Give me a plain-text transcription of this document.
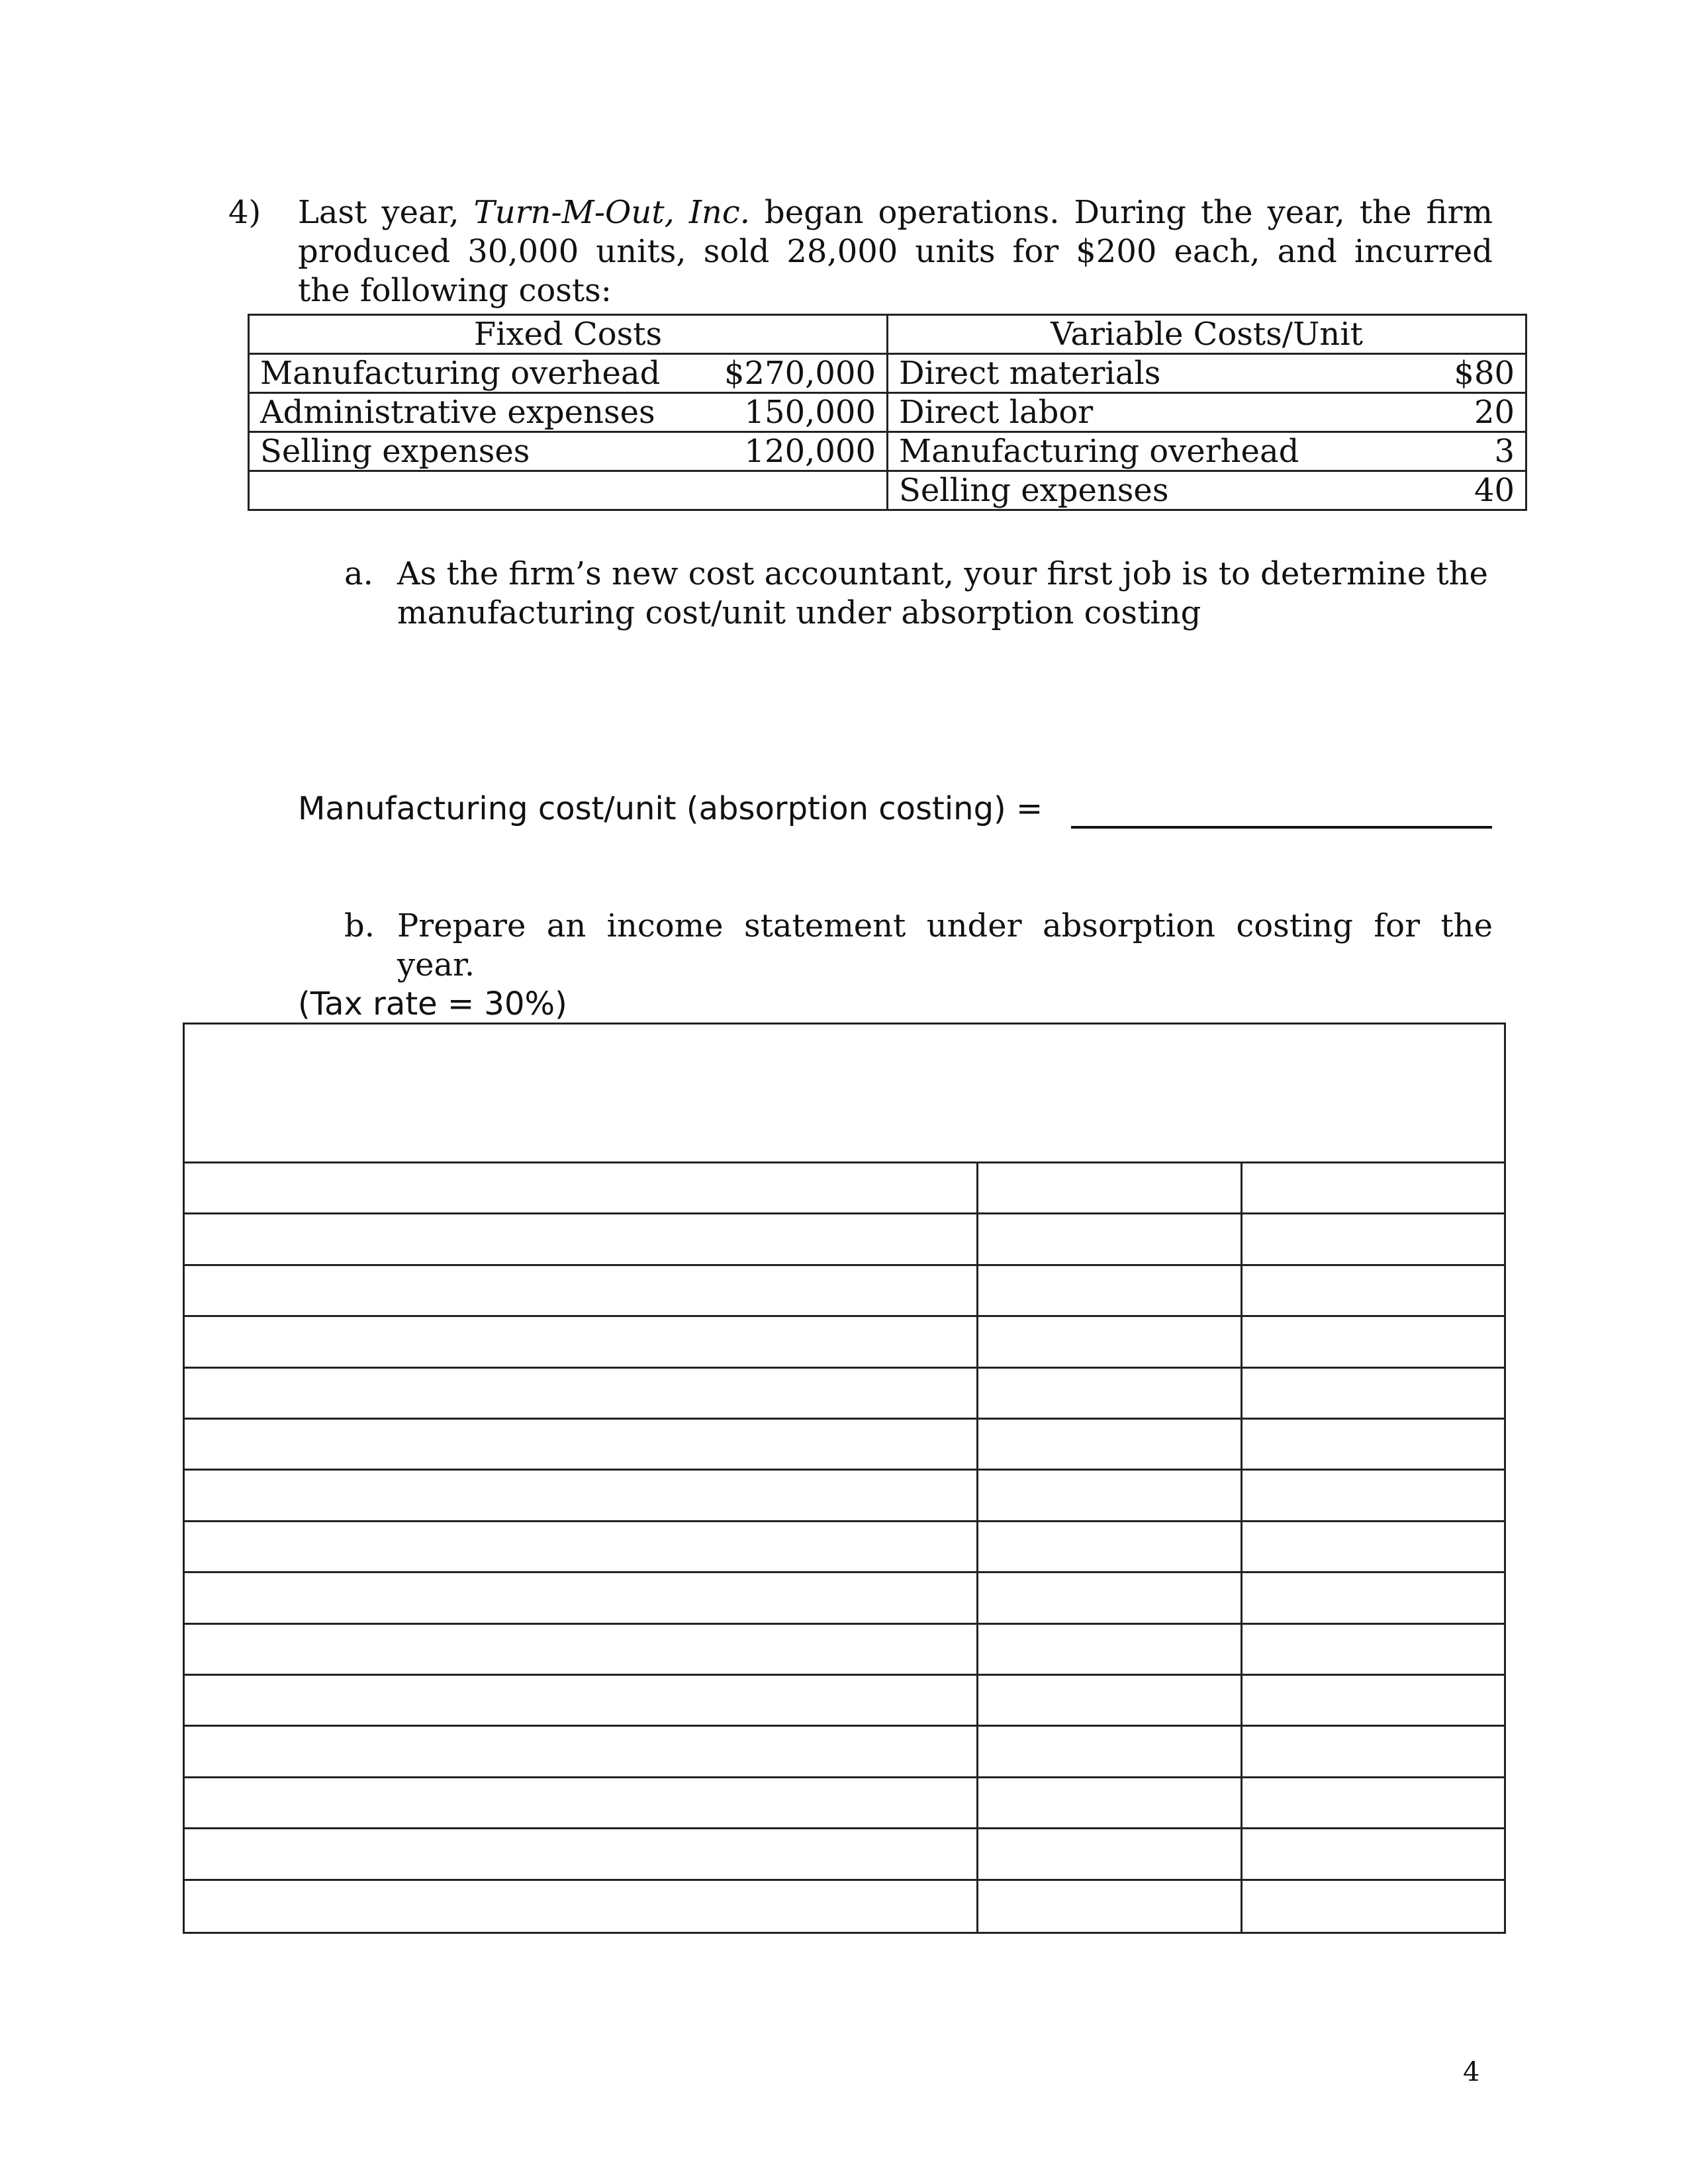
4) Last year, Turn-M-Out, Inc. began operations. During the year, the firm
produced 30,000 units, sold 28,000 units for $200 each, and incurred
the following costs:
Fixed Costs		Variable Costs/Unit	
Manufacturing overhead	$270,000	Direct materials	$80
Administrative expenses	150,000	Direct labor	20
Selling expenses	120,000	Manufacturing overhead	3
		Selling expenses	40
a. As the firm’s new cost accountant, your first job is to determine the
manufacturing cost/unit under absorption costing
Manufacturing cost/unit (absorption costing) =
b. Prepare an income statement under absorption costing for the
year.
(Tax rate = 30%)
4
